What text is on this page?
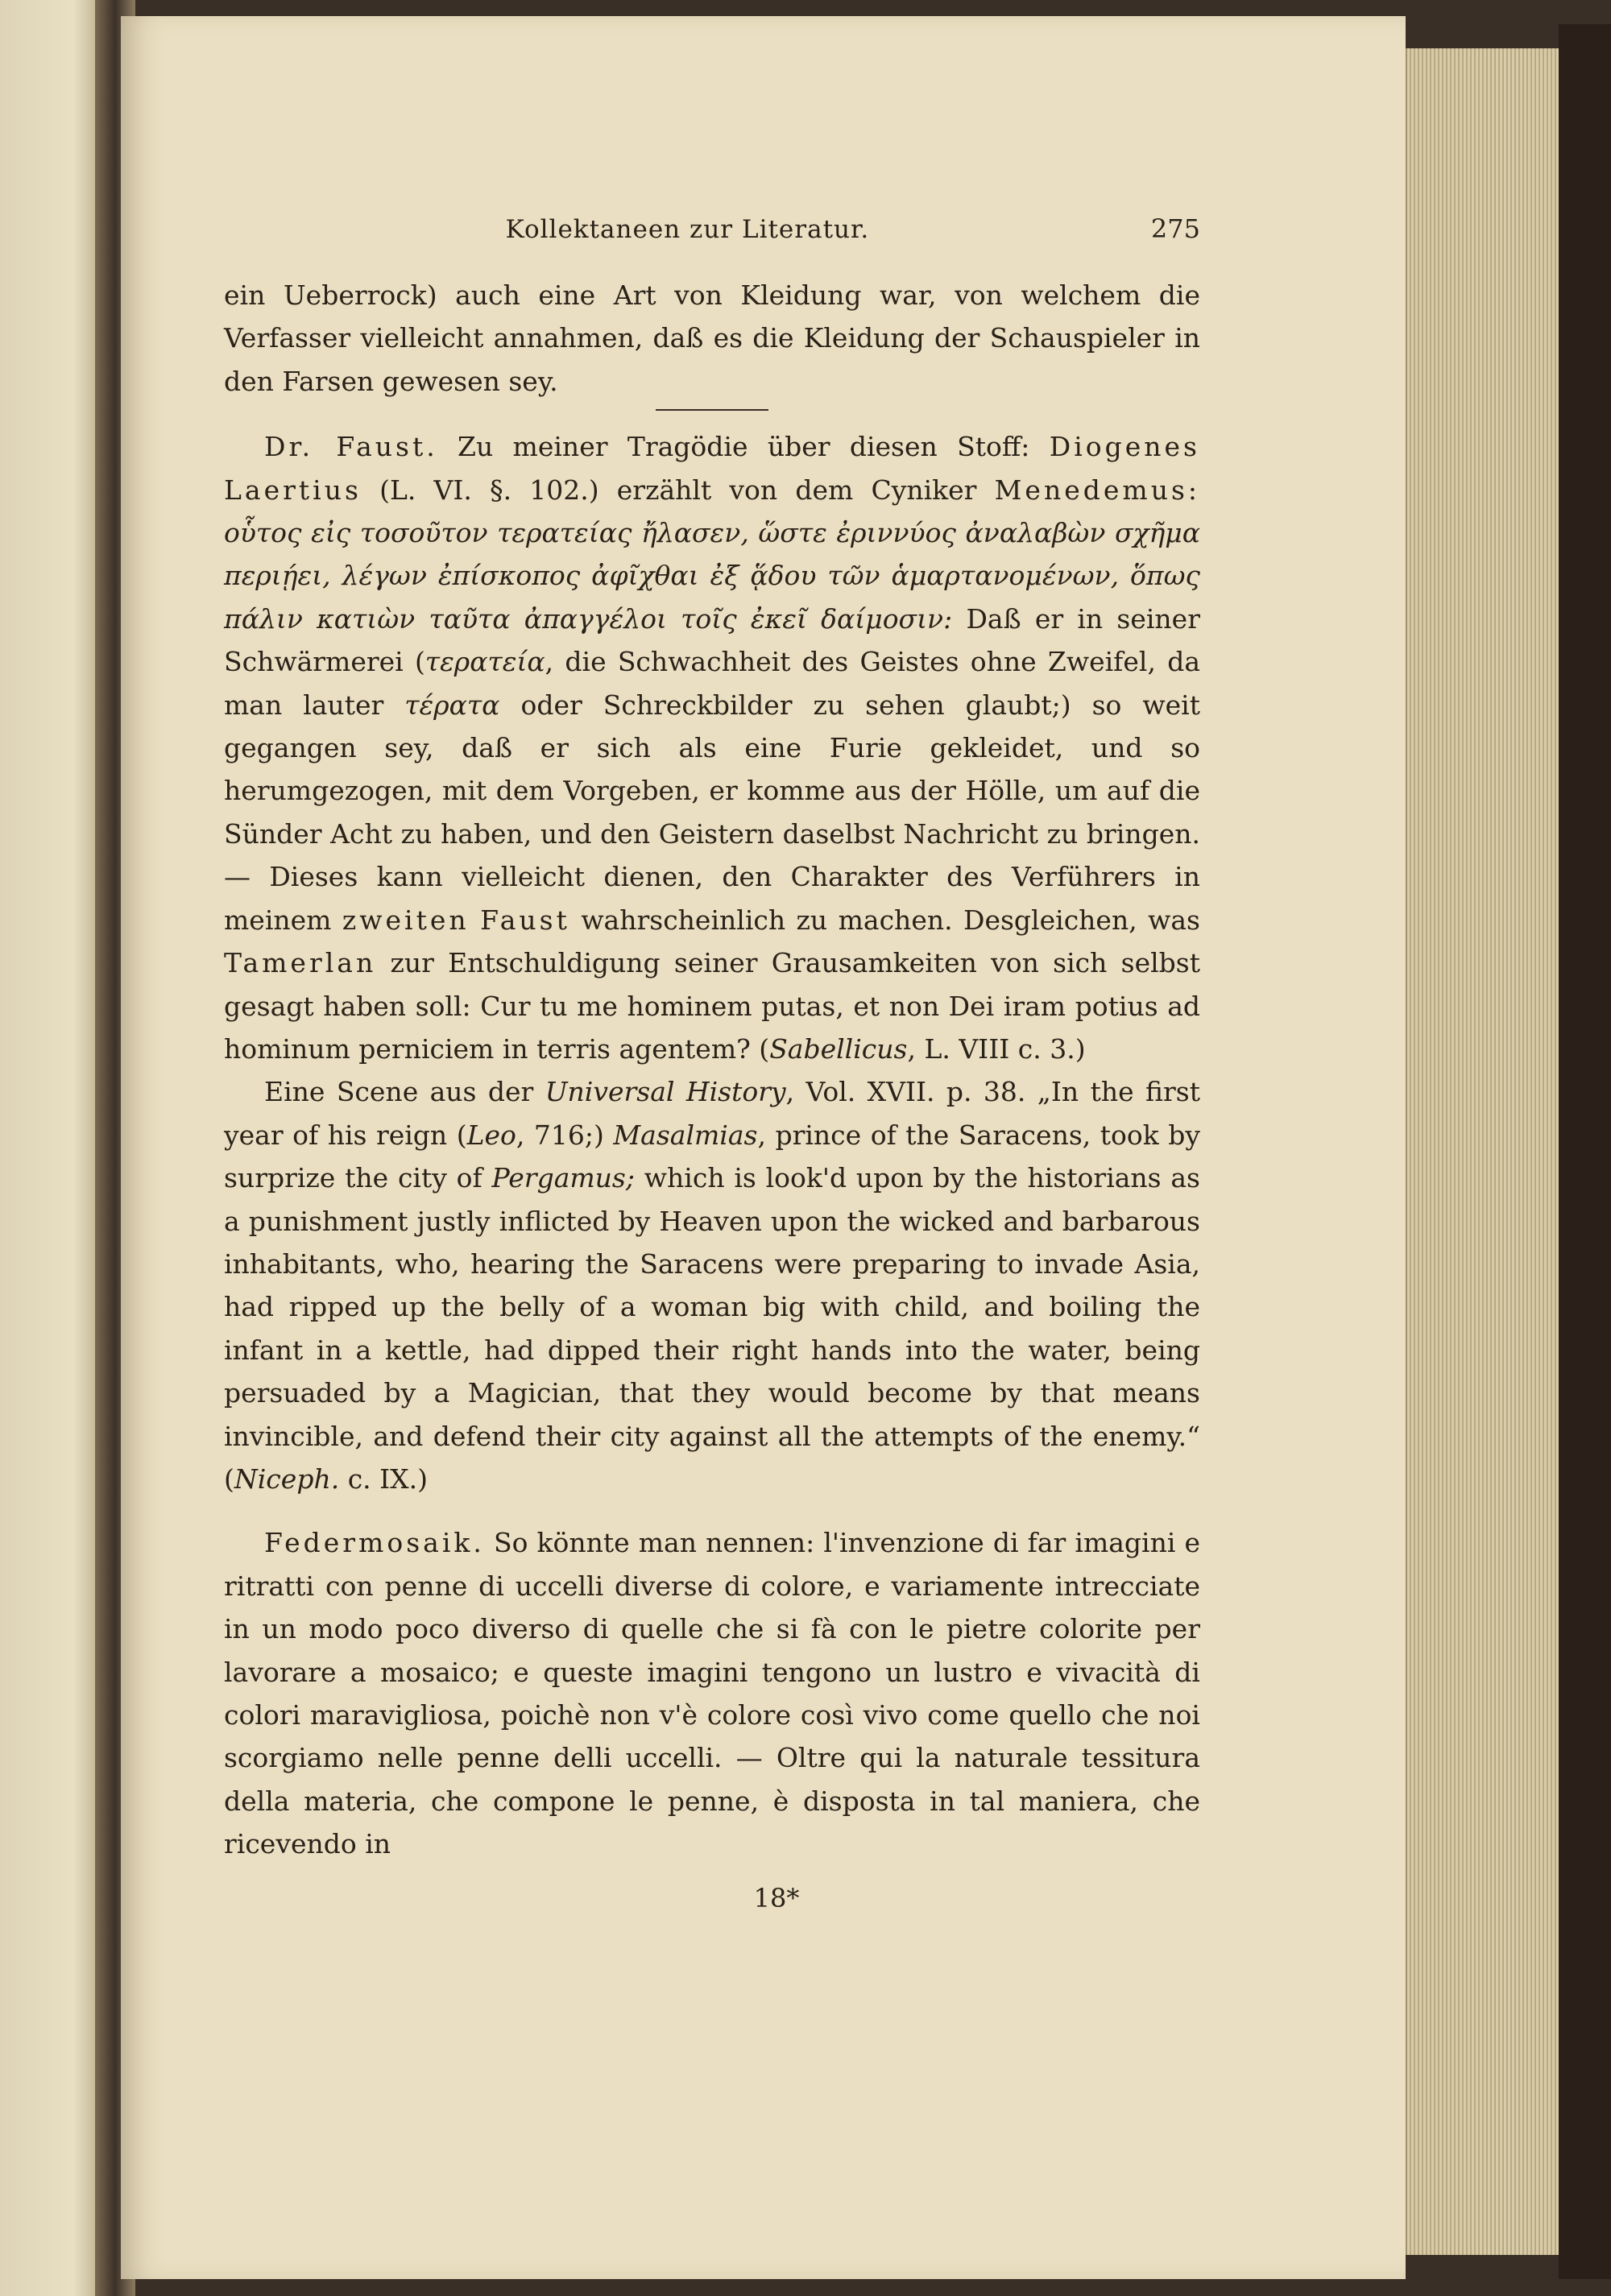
Kollektaneen zur Literatur.	275

ein Ueberrock) auch eine Art von Kleidung war, von welchem die Verfasser vielleicht annahmen, daß es die Kleidung der Schauspieler in den Farsen gewesen sey.

Dr. Faust. Zu meiner Tragödie über diesen Stoff: Diogenes Laertius (L. VI. §. 102.) erzählt von dem Cyniker Menedemus: οὗτος εἰς τοσοῦτον τερατείας ἤλασεν, ὥστε ἐριννύος ἀναλαβὼν σχῆμα περιῄει, λέγων ἐπίσκοπος ἀφῖχθαι ἐξ ᾅδου τῶν ἁμαρτανομένων, ὅπως πάλιν κατιὼν ταῦτα ἀπαγγέλοι τοῖς ἐκεῖ δαίμοσιν: Daß er in seiner Schwärmerei (τερατεία, die Schwachheit des Geistes ohne Zweifel, da man lauter τέρατα oder Schreckbilder zu sehen glaubt;) so weit gegangen sey, daß er sich als eine Furie gekleidet, und so herumgezogen, mit dem Vorgeben, er komme aus der Hölle, um auf die Sünder Acht zu haben, und den Geistern daselbst Nachricht zu bringen. — Dieses kann vielleicht dienen, den Charakter des Verführers in meinem zweiten Faust wahrscheinlich zu machen. Desgleichen, was Tamerlan zur Entschuldigung seiner Grausamkeiten von sich selbst gesagt haben soll: Cur tu me hominem putas, et non Dei iram potius ad hominum perniciem in terris agentem? (Sabellicus, L. VIII c. 3.)

Eine Scene aus der Universal History, Vol. XVII. p. 38. „In the first year of his reign (Leo, 716;) Masalmias, prince of the Saracens, took by surprize the city of Pergamus; which is look'd upon by the historians as a punishment justly inflicted by Heaven upon the wicked and barbarous inhabitants, who, hearing the Saracens were preparing to invade Asia, had ripped up the belly of a woman big with child, and boiling the infant in a kettle, had dipped their right hands into the water, being persuaded by a Magician, that they would become by that means invincible, and defend their city against all the attempts of the enemy.“ (Niceph. c. IX.)

Federmosaik. So könnte man nennen: l'invenzione di far imagini e ritratti con penne di uccelli diverse di colore, e variamente intrecciate in un modo poco diverso di quelle che si fà con le pietre colorite per lavorare a mosaico; e queste imagini tengono un lustro e vivacità di colori maravigliosa, poichè non v'è colore così vivo come quello che noi scorgiamo nelle penne delli uccelli. — Oltre qui la naturale tessitura della materia, che compone le penne, è disposta in tal maniera, che ricevendo in

18*
